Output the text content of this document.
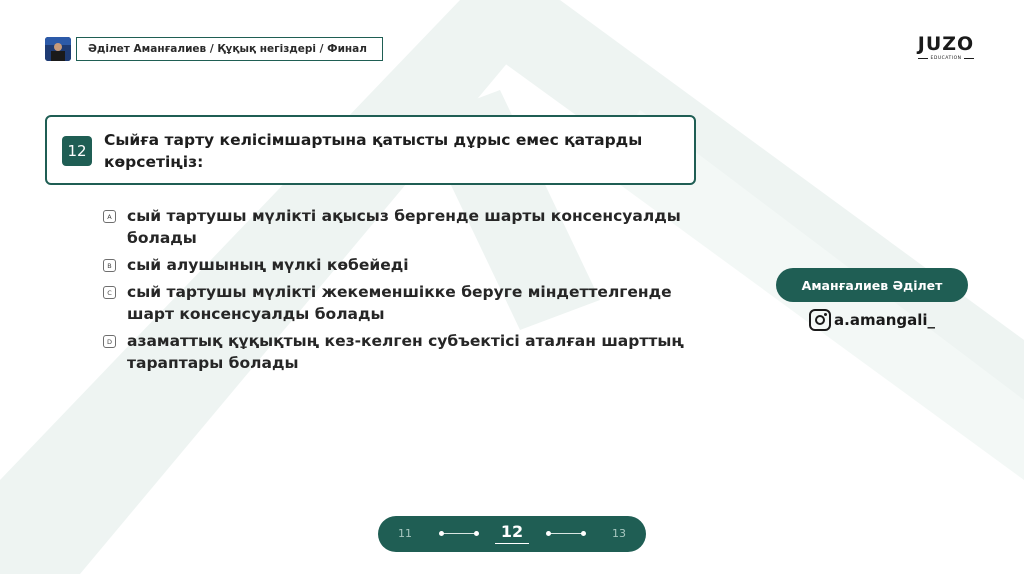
Әділет Аманғалиев / Құқық негіздері / Финал	JUZO
EDUCATION
12
Сыйға тарту келісімшартына қатысты дұрыс емес қатарды көрсетіңіз:
A сый тартушы мүлікті ақысыз бергенде шарты консенсуалды болады
B сый алушының мүлкі көбейеді
C сый тартушы мүлікті жекеменшікке беруге міндеттелгенде шарт консенсуалды болады
D азаматтық құқықтың кез-келген субъектісі аталған шарттың тараптары болады
Аманғалиев Әділет
a.amangali_
11	12	13
